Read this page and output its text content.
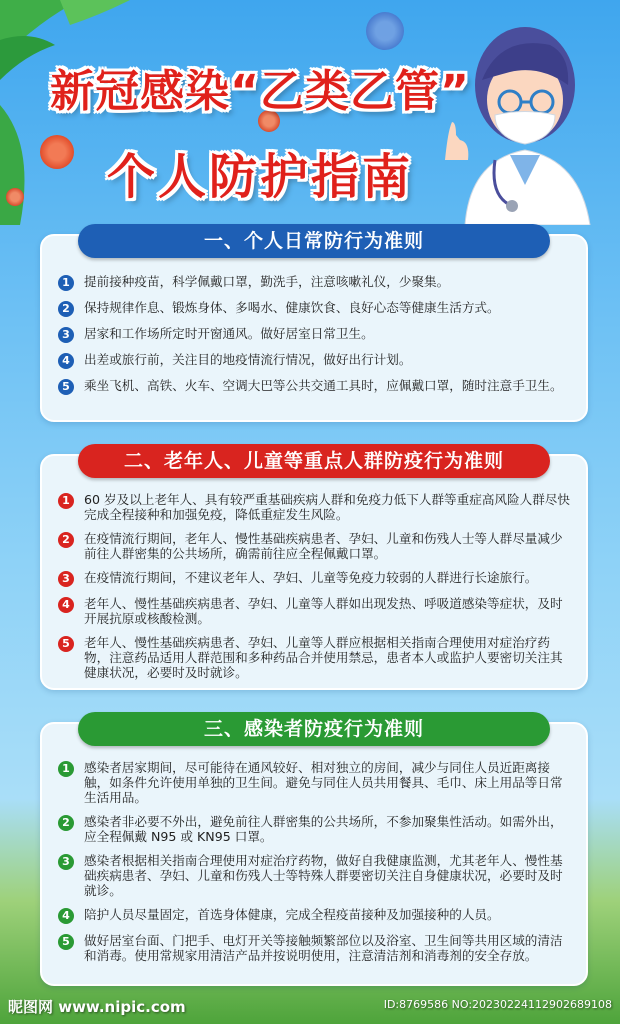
新冠感染“乙类乙管”
个人防护指南
一、个人日常防行为准则
1	提前接种疫苗，科学佩戴口罩，勤洗手，注意咳嗽礼仪，少聚集。
2	保持规律作息、锻炼身体、多喝水、健康饮食、良好心态等健康生活方式。
3	居家和工作场所定时开窗通风。做好居室日常卫生。
4	出差或旅行前，关注目的地疫情流行情况，做好出行计划。
5	乘坐飞机、高铁、火车、空调大巴等公共交通工具时，应佩戴口罩，随时注意手卫生。
二、老年人、儿童等重点人群防疫行为准则
1	60 岁及以上老年人、具有较严重基础疾病人群和免疫力低下人群等重症高风险人群尽快完成全程接种和加强免疫，降低重症发生风险。
2	在疫情流行期间，老年人、慢性基础疾病患者、孕妇、儿童和伤残人士等人群尽量减少前往人群密集的公共场所，确需前往应全程佩戴口罩。
3	在疫情流行期间，不建议老年人、孕妇、儿童等免疫力较弱的人群进行长途旅行。
4	老年人、慢性基础疾病患者、孕妇、儿童等人群如出现发热、呼吸道感染等症状，及时开展抗原或核酸检测。
5	老年人、慢性基础疾病患者、孕妇、儿童等人群应根据相关指南合理使用对症治疗药物，注意药品适用人群范围和多种药品合并使用禁忌，患者本人或监护人要密切关注其健康状况，必要时及时就诊。
三、感染者防疫行为准则
1	感染者居家期间，尽可能待在通风较好、相对独立的房间，减少与同住人员近距离接触，如条件允许使用单独的卫生间。避免与同住人员共用餐具、毛巾、床上用品等日常生活用品。
2	感染者非必要不外出，避免前往人群密集的公共场所，不参加聚集性活动。如需外出，应全程佩戴 N95 或 KN95 口罩。
3	感染者根据相关指南合理使用对症治疗药物，做好自我健康监测，尤其老年人、慢性基础疾病患者、孕妇、儿童和伤残人士等特殊人群要密切关注自身健康状况，必要时及时就诊。
4	陪护人员尽量固定，首选身体健康，完成全程疫苗接种及加强接种的人员。
5	做好居室台面、门把手、电灯开关等接触频繁部位以及浴室、卫生间等共用区域的清洁和消毒。使用常规家用清洁产品并按说明使用，注意清洁剂和消毒剂的安全存放。
昵图网 www.nipic.com	ID:8769586 NO:20230224112902689108
